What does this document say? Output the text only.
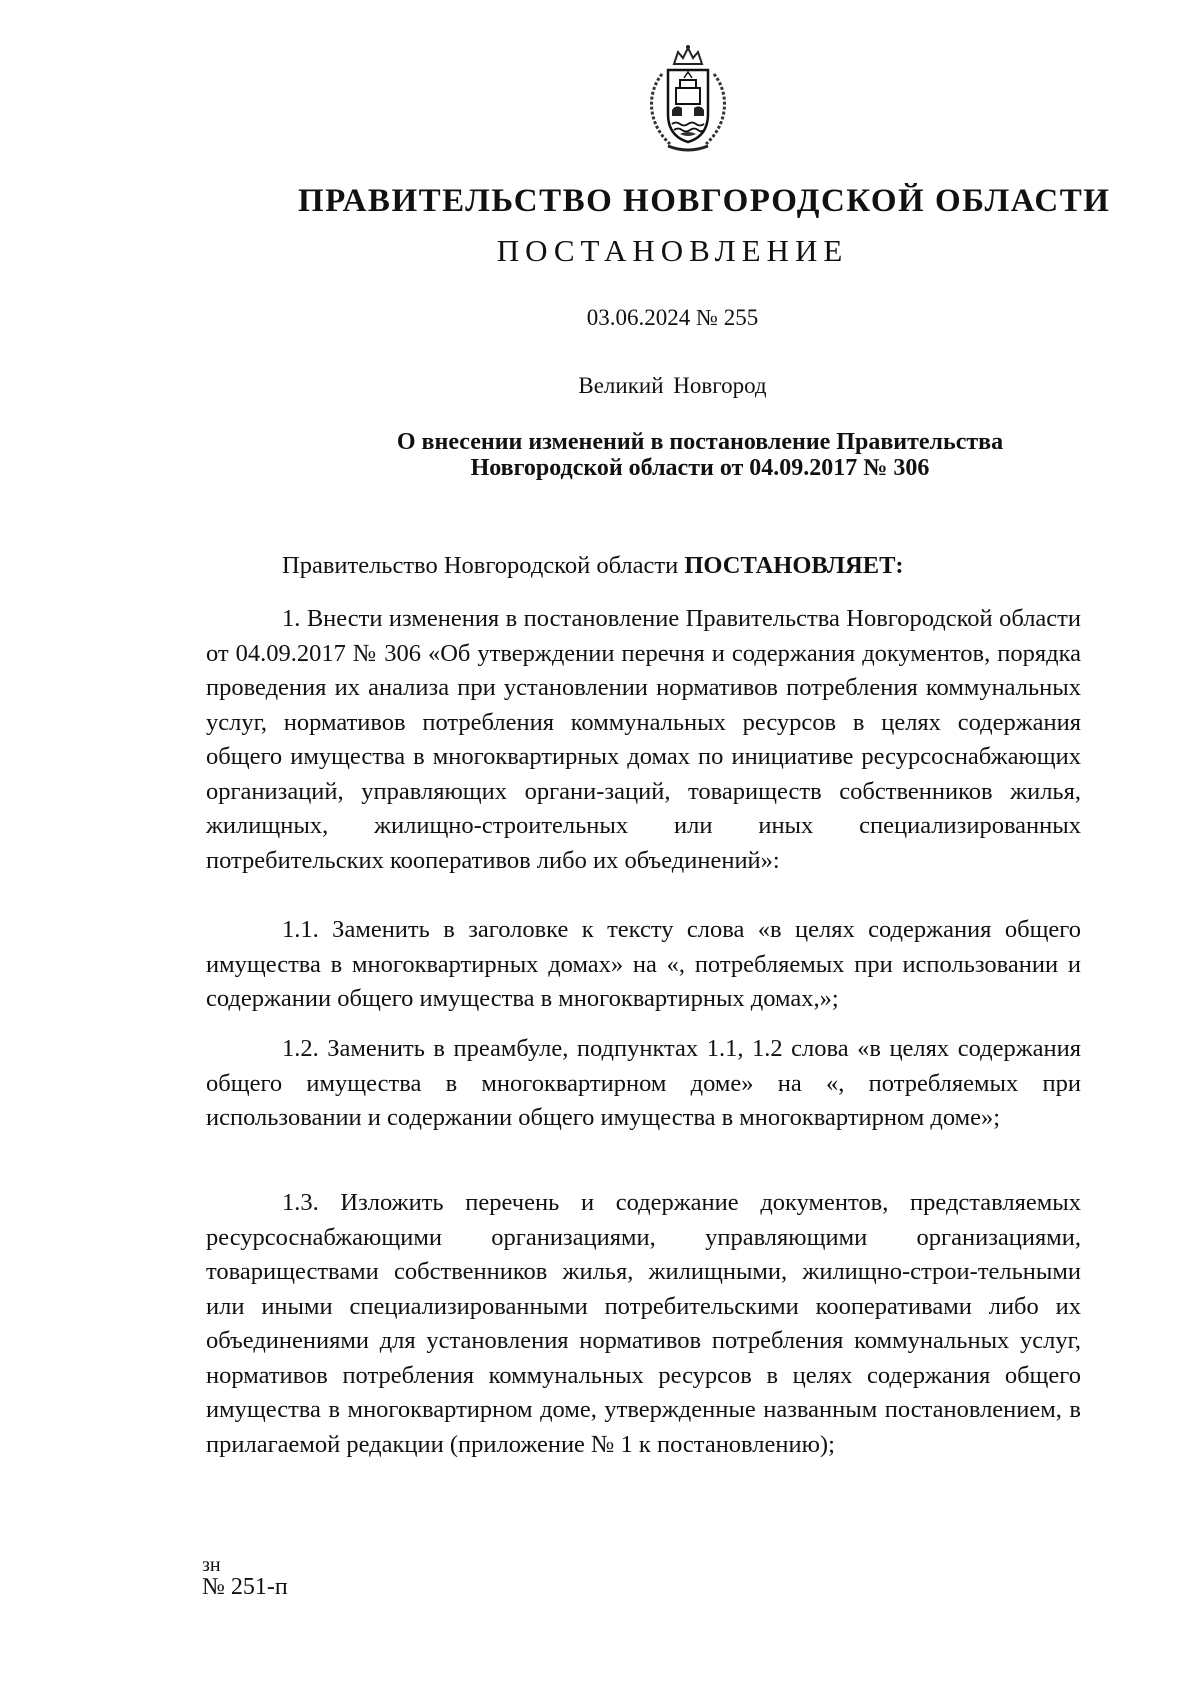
ПРАВИТЕЛЬСТВО НОВГОРОДСКОЙ ОБЛАСТИ
ПОСТАНОВЛЕНИЕ
03.06.2024 № 255
Великий Новгород
О внесении изменений в постановление Правительства
Новгородской области от 04.09.2017 № 306
Правительство Новгородской области ПОСТАНОВЛЯЕТ:

1. Внести изменения в постановление Правительства Новгородской области от 04.09.2017 № 306 «Об утверждении перечня и содержания документов, порядка проведения их анализа при установлении нормативов потребления коммунальных услуг, нормативов потребления коммунальных ресурсов в целях содержания общего имущества в многоквартирных домах по инициативе ресурсоснабжающих организаций, управляющих органи-заций, товариществ собственников жилья, жилищных, жилищно-строительных или иных специализированных потребительских кооперативов либо их объединений»:

1.1. Заменить в заголовке к тексту слова «в целях содержания общего имущества в многоквартирных домах» на «, потребляемых при использовании и содержании общего имущества в многоквартирных домах,»;

1.2. Заменить в преамбуле, подпунктах 1.1, 1.2 слова «в целях содержания общего имущества в многоквартирном доме» на «, потребляемых при использовании и содержании общего имущества в многоквартирном доме»;

1.3. Изложить перечень и содержание документов, представляемых ресурсоснабжающими организациями, управляющими организациями, товариществами собственников жилья, жилищными, жилищно-строи-тельными или иными специализированными потребительскими кооперативами либо их объединениями для установления нормативов потребления коммунальных услуг, нормативов потребления коммунальных ресурсов в целях содержания общего имущества в многоквартирном доме, утвержденные названным постановлением, в прилагаемой редакции (приложение № 1 к постановлению);

зн
№ 251-п
